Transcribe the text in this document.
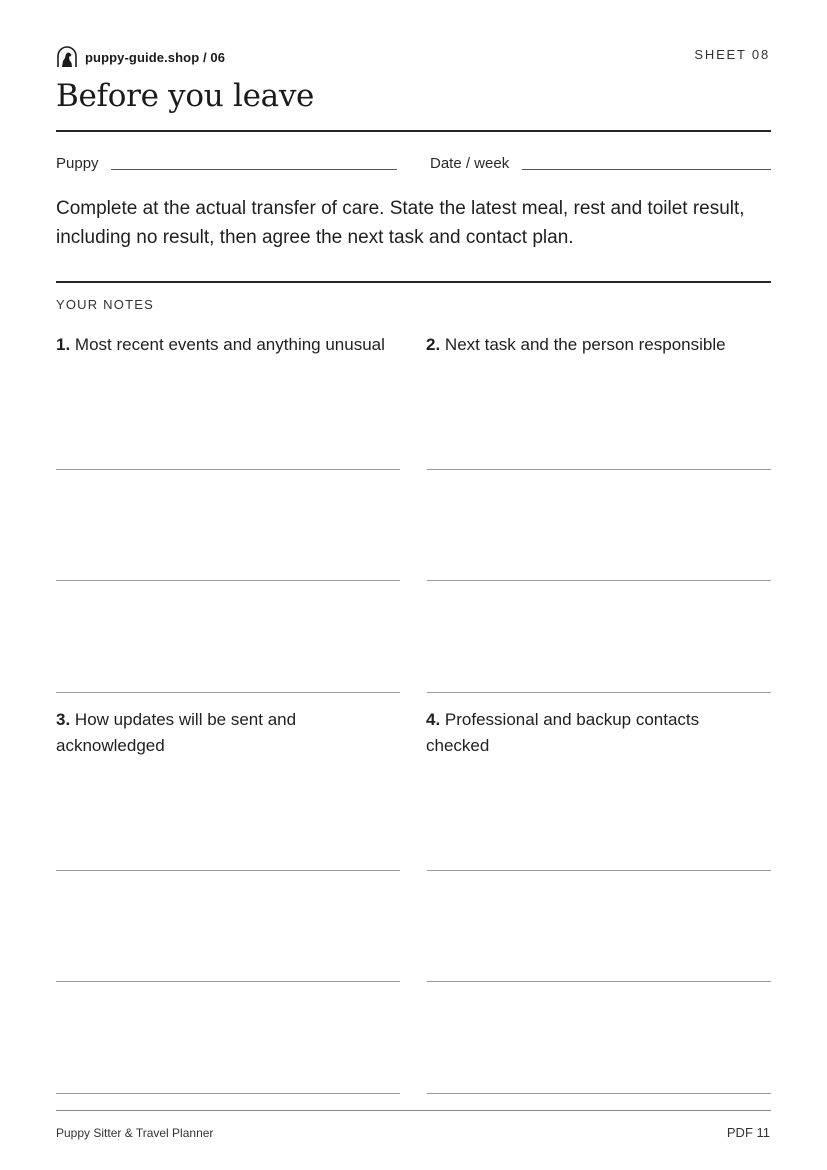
puppy-guide.shop / 06	SHEET 08
Before you leave
Puppy	Date / week
Complete at the actual transfer of care. State the latest meal, rest and toilet result, including no result, then agree the next task and contact plan.
YOUR NOTES
1. Most recent events and anything unusual	2. Next task and the person responsible
3. How updates will be sent and acknowledged
4. Professional and backup contacts checked
Puppy Sitter & Travel Planner	PDF 11
